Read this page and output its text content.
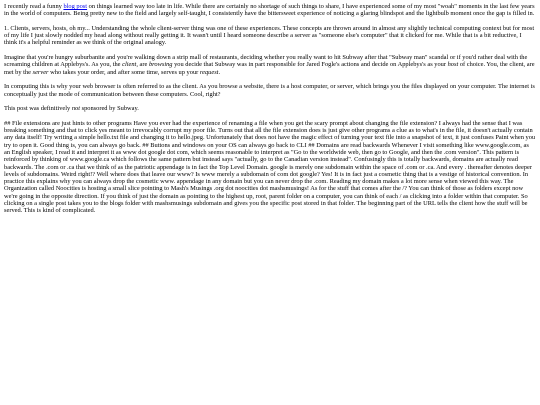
I recently read a funny blog post on things learned way too late in life. While there are certainly no shortage of such things to share, I have experienced some of my most "woah" moments in the last few years in the world of computers. Being pretty new to the field and largely self-taught, I consistently have the bittersweet experience of noticing a glaring blindspot and the lightbulb moment once the gap is filled in.

1. Clients, servers, hosts, oh my... Understanding the whole client-server thing was one of these experiences. These concepts are thrown around in almost any slightly technical computing context but for most of my life I just slowly nodded my head along without really getting it. It wasn't until I heard someone describe a server as "someone else's computer" that it clicked for me. While that is a bit reductive, I think it's a helpful reminder as we think of the original analogy.

Imagine that you're hungry suburbanite and you're walking down a strip mall of restaurants, deciding whether you really want to hit Subway after that "Subway man" scandal or if you'd rather deal with the screaming children at Applebys's. As you, the client, are browsing you decide that Subway was in part responsible for Jared Fogle's actions and decide on Applebys's as your host of choice. You, the client, are met by the server who takes your order, and after some time, serves up your request.

In computing this is why your web browser is often referred to as the client. As you browse a website, there is a host computer, or server, which brings you the files displayed on your computer. The internet is conceptually just the mode of communication between these computers. Cool, right?

This post was definitively not sponsored by Subway.

## File extensions are just hints to other programs Have you ever had the experience of renaming a file when you get the scary prompt about changing the file extension? I always had the sense that I was breaking something and that to click yes meant to irrevocably corrupt my poor file. Turns out that all the file extension does is just give other programs a clue as to what's in the file, it doesn't actually contain any data itself! Try writing a simple hello.txt file and changing it to hello.jpeg. Unfortunately that does not have the magic effect of turning your text file into a snapshot of text, it just confuses Paint when you try to open it. Good thing is, you can always go back. ## Buttons and windows on your OS can always go back to CLI ## Domains are read backwards Whenever I visit something like www.google.com, as an English speaker, I read it and interpret it as www dot google dot com, which seems reasonable to interpret as "Go to the worldwide web, then go to Google, and then the .com version". This pattern is reinforced by thinking of www.google.ca which follows the same pattern but instead says "actually, go to the Canadian version instead". Confusingly this is totally backwards, domains are actually read backwards. The .com or .ca that we think of as the patriotic appendage is in fact the Top Level Domain. google is merely one subdomain within the space of .com or .ca. And every . thereafter denotes deeper levels of subdomains. Weird right!? Well where does that leave our www? Is www merely a subdomain of com dot google? Yes! It is in fact just a cosmetic thing that is a vestige of historical convention. In practice this explains why you can always drop the cosmetic www. appendage in any domain but you can never drop the .com. Reading my domain makes a lot more sense when viewed this way. The Organization called Noocities is hosting a small slice pointing to Mash's Musings .org dot noocities dot mashsmusings! As for the stuff that comes after the /? You can think of those as folders except now we're going in the opposite direction. If you think of just the domain as pointing to the highest up, root, parent folder on a computer, you can think of each / as clicking into a folder within that computer. So clicking on a single post takes you to the blogs folder with mashsmusings subdomain and gives you the specific post stored in that folder. The beginning part of the URL tells the client how the stuff will be served. This is kind of complicated.
